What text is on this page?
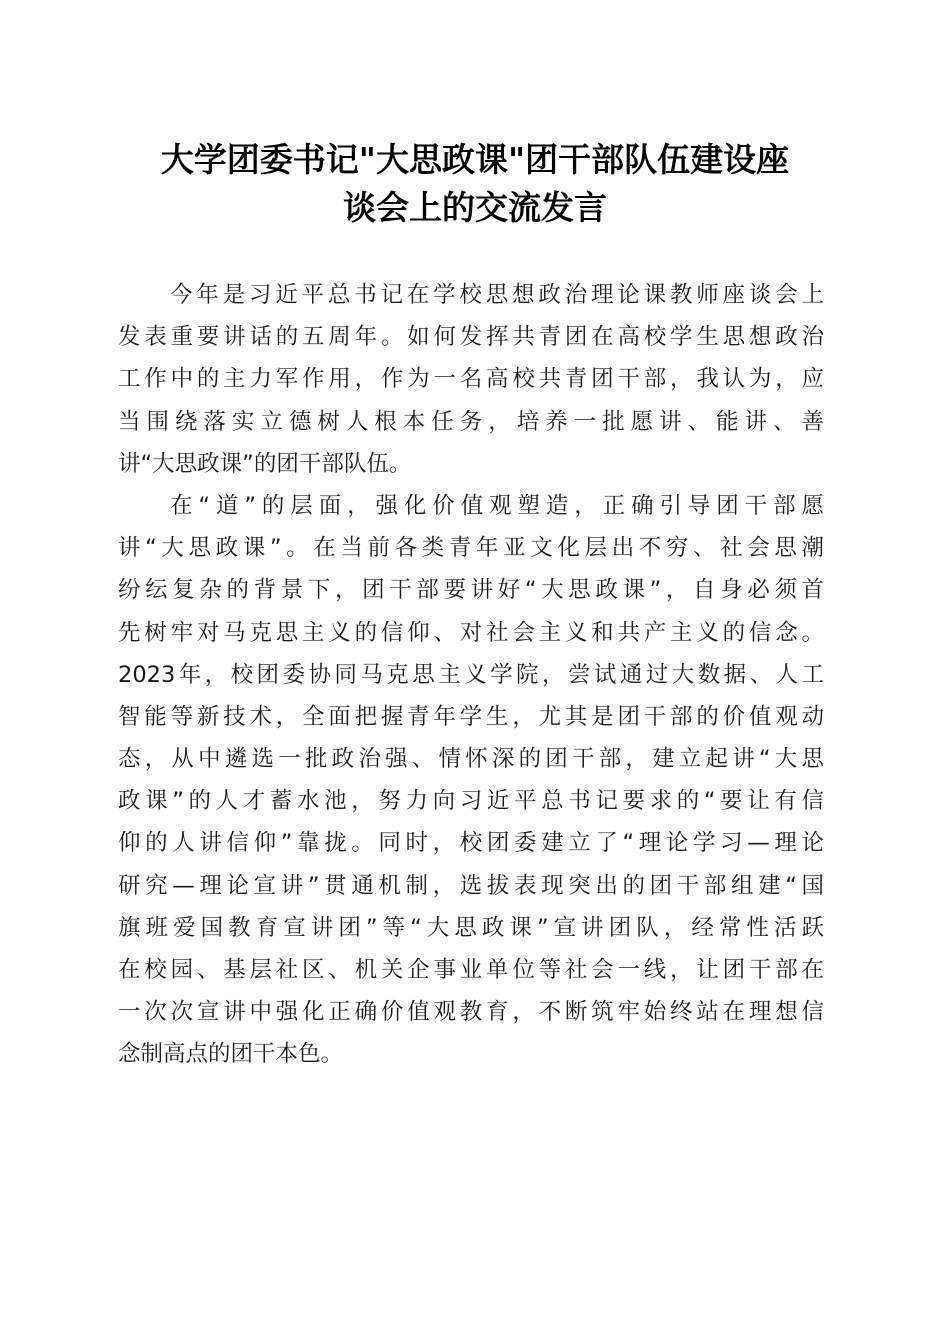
大学团委书记"大思政课"团干部队伍建设座
谈会上的交流发言
今年是习近平总书记在学校思想政治理论课教师座谈会上
发表重要讲话的五周年。如何发挥共青团在高校学生思想政治
工作中的主力军作用，作为一名高校共青团干部，我认为，应
当围绕落实立德树人根本任务，培养一批愿讲、能讲、善
讲“大思政课”的团干部队伍。
在“道”的层面，强化价值观塑造，正确引导团干部愿
讲“大思政课”。在当前各类青年亚文化层出不穷、社会思潮
纷纭复杂的背景下，团干部要讲好“大思政课”，自身必须首
先树牢对马克思主义的信仰、对社会主义和共产主义的信念。
2023年，校团委协同马克思主义学院，尝试通过大数据、人工
智能等新技术，全面把握青年学生，尤其是团干部的价值观动
态，从中遴选一批政治强、情怀深的团干部，建立起讲“大思
政课”的人才蓄水池，努力向习近平总书记要求的“要让有信
仰的人讲信仰”靠拢。同时，校团委建立了“理论学习—理论
研究—理论宣讲”贯通机制，选拔表现突出的团干部组建“国
旗班爱国教育宣讲团”等“大思政课”宣讲团队，经常性活跃
在校园、基层社区、机关企事业单位等社会一线，让团干部在
一次次宣讲中强化正确价值观教育，不断筑牢始终站在理想信
念制高点的团干本色。
